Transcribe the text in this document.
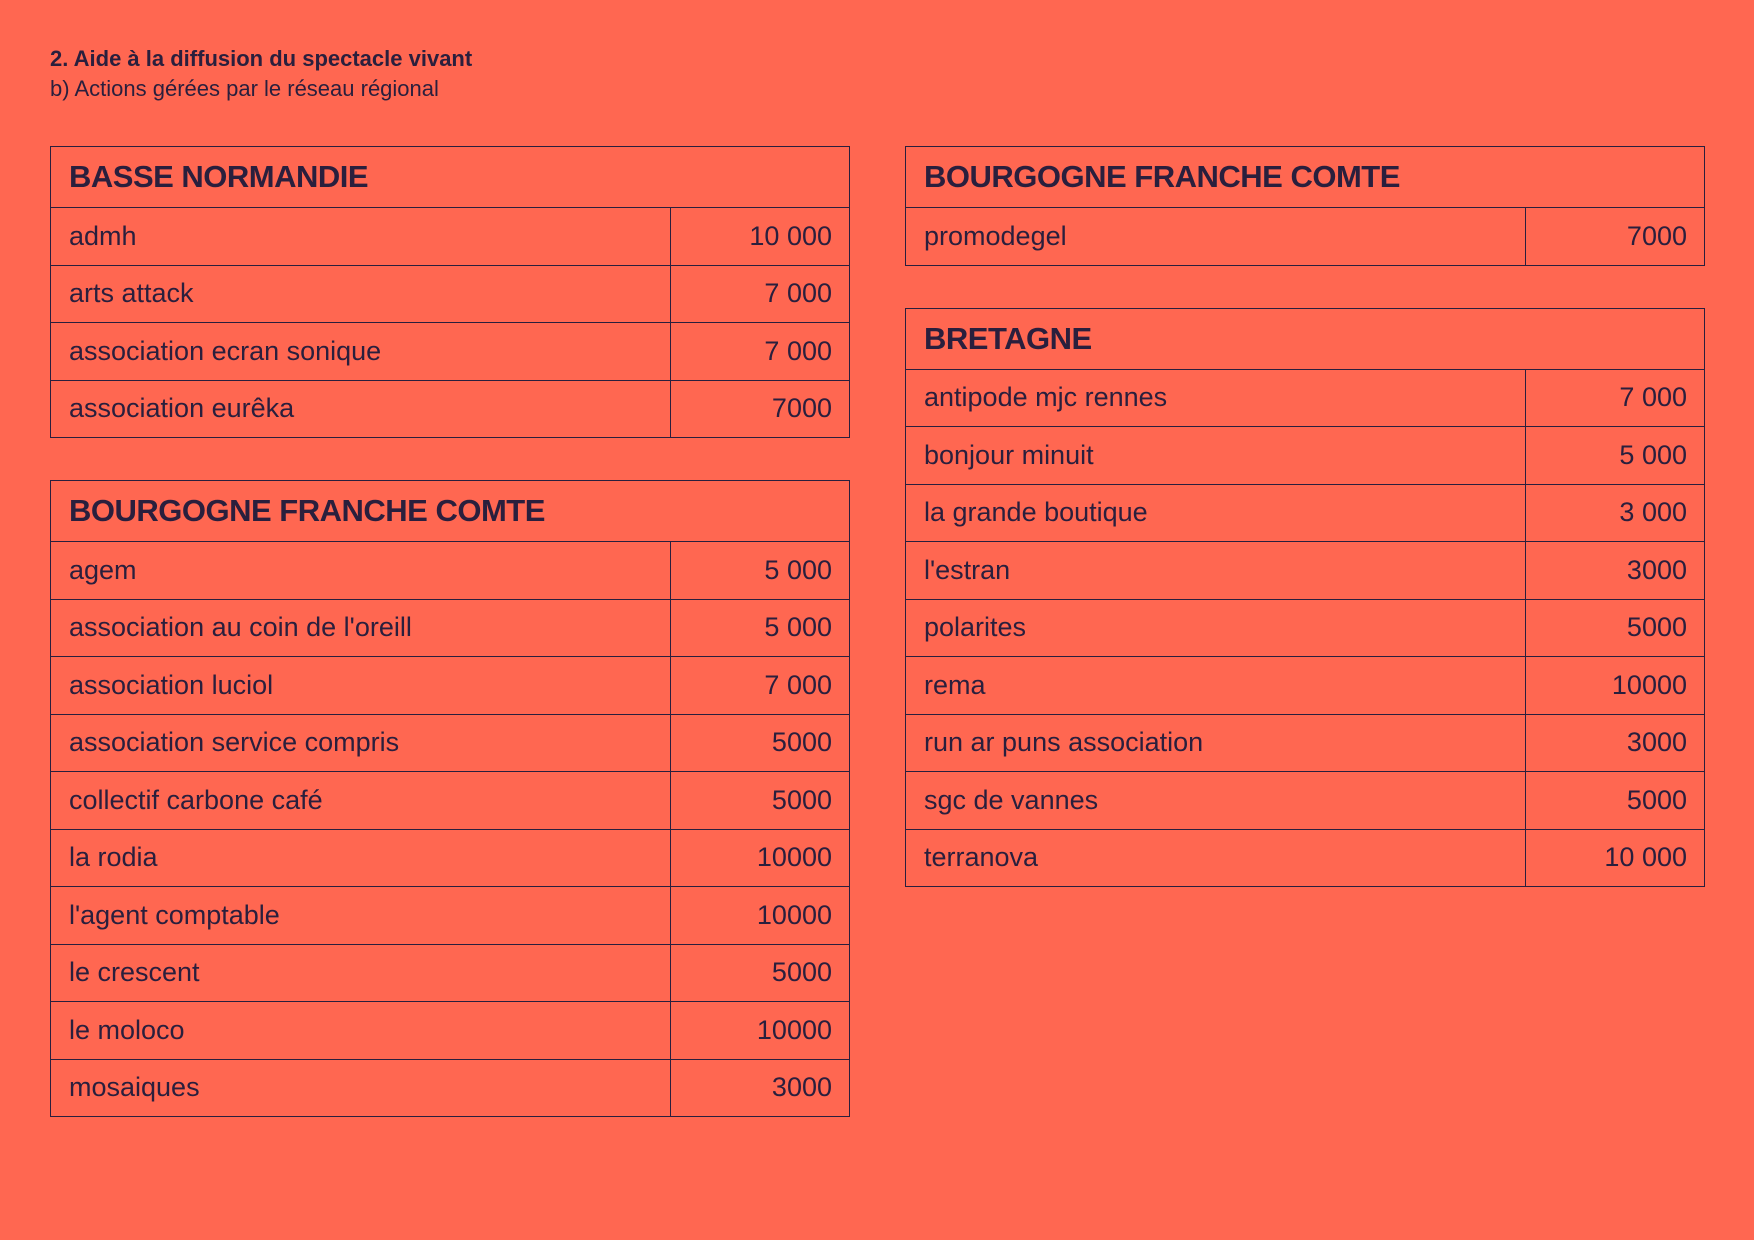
2. Aide à la diffusion du spectacle vivant
b) Actions gérées par le réseau régional
BASSE NORMANDIE
admh	10 000
arts attack	7 000
association ecran sonique	7 000
association eurêka	7000
BOURGOGNE FRANCHE COMTE
agem	5 000
association au coin de l'oreill	5 000
association luciol	7 000
association service compris	5000
collectif carbone café	5000
la rodia	10000
l'agent comptable	10000
le crescent	5000
le moloco	10000
mosaiques	3000
BOURGOGNE FRANCHE COMTE
promodegel	7000
BRETAGNE
antipode mjc rennes	7 000
bonjour minuit	5 000
la grande boutique	3 000
l'estran	3000
polarites	5000
rema	10000
run ar puns association	3000
sgc de vannes	5000
terranova	10 000
